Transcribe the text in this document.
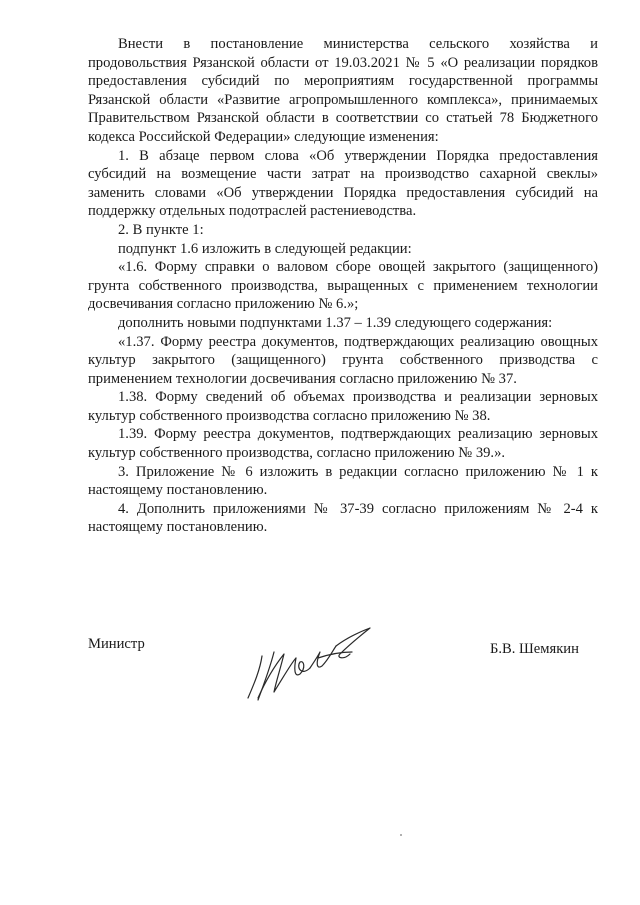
Внести в постановление министерства сельского хозяйства и продовольствия Рязанской области от 19.03.2021 № 5 «О реализации порядков предоставления субсидий по мероприятиям государственной программы Рязанской области «Развитие агропромышленного комплекса», принимаемых Правительством Рязанской области в соответствии со статьей 78 Бюджетного кодекса Российской Федерации» следующие изменения:

1. В абзаце первом слова «Об утверждении Порядка предоставления субсидий на возмещение части затрат на производство сахарной свеклы» заменить словами «Об утверждении Порядка предоставления субсидий на поддержку отдельных подотраслей растениеводства.

2. В пункте 1:

подпункт 1.6 изложить в следующей редакции:

«1.6. Форму справки о валовом сборе овощей закрытого (защищенного) грунта собственного производства, выращенных с применением технологии досвечивания согласно приложению № 6.»;

дополнить новыми подпунктами 1.37 – 1.39 следующего содержания:

«1.37. Форму реестра документов, подтверждающих реализацию овощных культур закрытого (защищенного) грунта собственного призводства с применением технологии досвечивания согласно приложению № 37.

1.38. Форму сведений об объемах производства и реализации зерновых культур собственного производства согласно приложению № 38.

1.39. Форму реестра документов, подтверждающих реализацию зерновых культур собственного производства, согласно приложению № 39.».

3. Приложение № 6 изложить в редакции согласно приложению № 1 к настоящему постановлению.

4. Дополнить приложениями № 37-39 согласно приложениям № 2-4 к настоящему постановлению.

Министр	Б.В. Шемякин
